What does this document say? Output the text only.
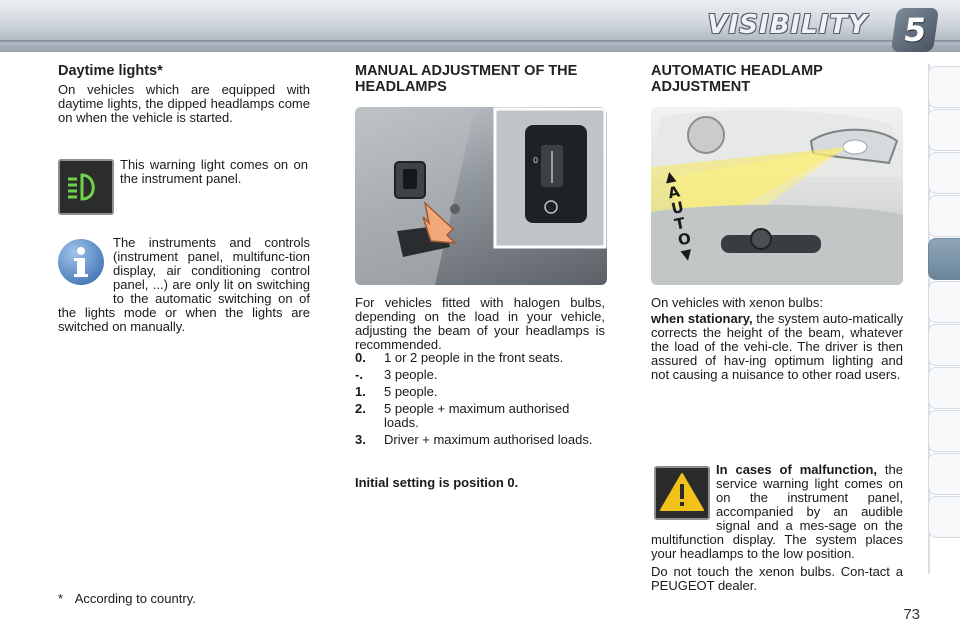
VISIBILITY	5
Daytime lights*

On vehicles which are equipped with daytime lights, the dipped headlamps come on when the vehicle is started.

This warning light comes on on the instrument panel.

The instruments and controls (instrument panel, multifunc-tion display, air conditioning control panel, ...) are only lit on switching to the automatic switching on of the lights mode or when the lights are switched on manually.

* According to country.
MANUAL ADJUSTMENT OF THE HEADLAMPS
0

For vehicles fitted with halogen bulbs, depending on the load in your vehicle, adjusting the beam of your headlamps is recommended.

0.	1 or 2 people in the front seats.
-.	3 people.
1.	5 people.
2.	5 people + maximum authorised loads.
3.	Driver + maximum authorised loads.

Initial setting is position 0.

AUTOMATIC HEADLAMP ADJUSTMENT
▲
A
U
T
O
▼

On vehicles with xenon bulbs:

when stationary, the system auto-matically corrects the height of the beam, whatever the load of the vehi-cle. The driver is then assured of hav-ing optimum lighting and not causing a nuisance to other road users.

In cases of malfunction, the service warning light comes on on the instrument panel, accompanied by an audible signal and a mes-sage on the multifunction display. The system places your headlamps to the low position.

Do not touch the xenon bulbs. Con-tact a PEUGEOT dealer.

73
